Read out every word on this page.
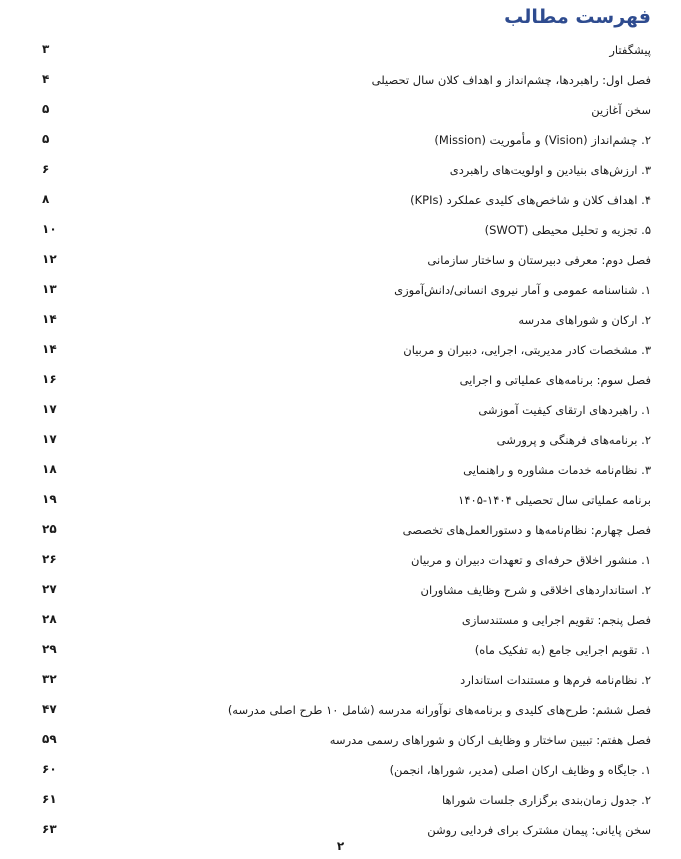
فهرست مطالب
پیشگفتار
۳
فصل اول: راهبردها، چشم‌انداز و اهداف کلان سال تحصیلی
۴
سخن آغازین
۵
۲. چشم‌انداز (Vision) و مأموریت (Mission)
۵
۳. ارزش‌های بنیادین و اولویت‌های راهبردی
۶
۴. اهداف کلان و شاخص‌های کلیدی عملکرد (KPIs)
۸
۵. تجزیه و تحلیل محیطی (SWOT)
۱۰
فصل دوم: معرفی دبیرستان و ساختار سازمانی
۱۲
۱. شناسنامه عمومی و آمار نیروی انسانی/دانش‌آموزی
۱۳
۲. ارکان و شوراهای مدرسه
۱۴
۳. مشخصات کادر مدیریتی، اجرایی، دبیران و مربیان
۱۴
فصل سوم: برنامه‌های عملیاتی و اجرایی
۱۶
۱. راهبردهای ارتقای کیفیت آموزشی
۱۷
۲. برنامه‌های فرهنگی و پرورشی
۱۷
۳. نظام‌نامه خدمات مشاوره و راهنمایی
۱۸
برنامه عملیاتی سال تحصیلی ۱۴۰۴-۱۴۰۵
۱۹
فصل چهارم: نظام‌نامه‌ها و دستورالعمل‌های تخصصی
۲۵
۱. منشور اخلاق حرفه‌ای و تعهدات دبیران و مربیان
۲۶
۲. استانداردهای اخلاقی و شرح وظایف مشاوران
۲۷
فصل پنجم: تقویم اجرایی و مستندسازی
۲۸
۱. تقویم اجرایی جامع (به تفکیک ماه)
۲۹
۲. نظام‌نامه فرم‌ها و مستندات استاندارد
۳۲
فصل ششم: طرح‌های کلیدی و برنامه‌های نوآورانه مدرسه (شامل ۱۰ طرح اصلی مدرسه)
۴۷
فصل هفتم: تبیین ساختار و وظایف ارکان و شوراهای رسمی مدرسه
۵۹
۱. جایگاه و وظایف ارکان اصلی (مدیر، شوراها، انجمن)
۶۰
۲. جدول زمان‌بندی برگزاری جلسات شوراها
۶۱
سخن پایانی: پیمان مشترک برای فردایی روشن
۶۳
۲
